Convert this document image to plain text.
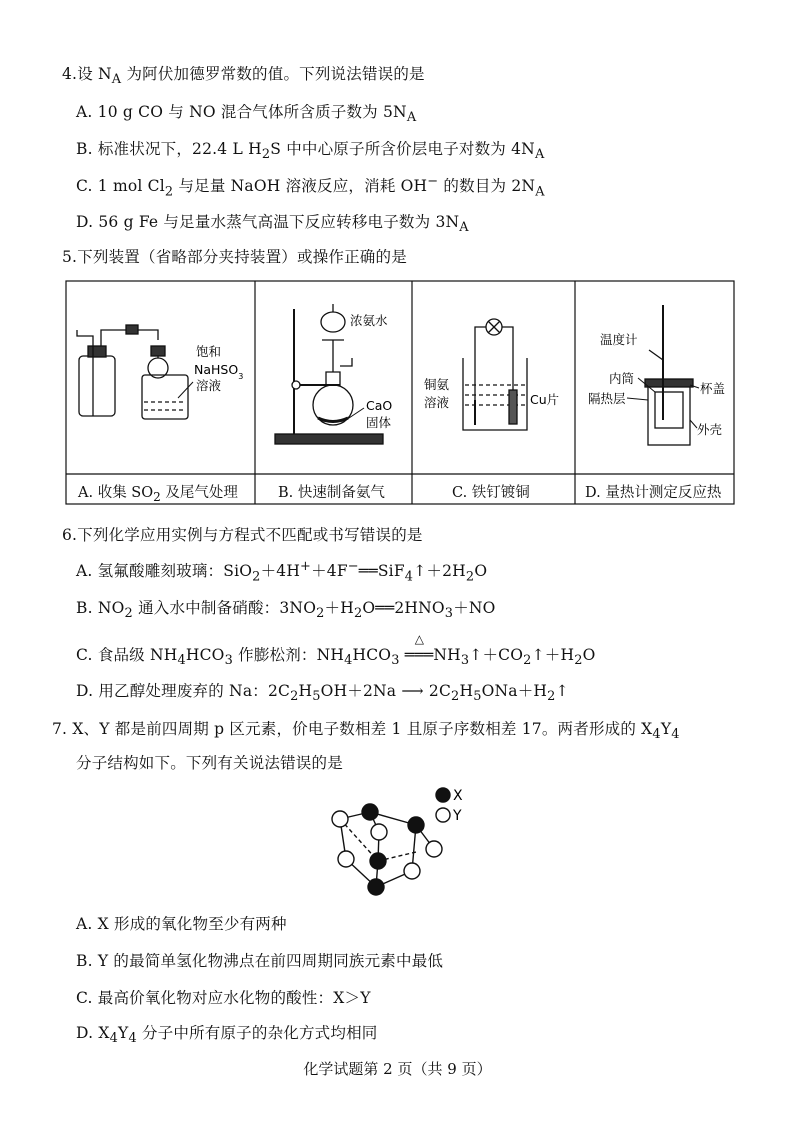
4.设 $N_A$ 为阿伏加德罗常数的值。下列说法错误的是
A. 10 g CO 与 NO 混合气体所含质子数为 $5N_A$
B. 标准状况下，22.4 L $H_2S$ 中中心原子所含价层电子对数为 $4N_A$
C. 1 mol $Cl_2$ 与足量 NaOH 溶液反应，消耗 OH− 的数目为 $2N_A$
D. 56 g Fe 与足量水蒸气高温下反应转移电子数为 $3N_A$
5.下列装置（省略部分夹持装置）或操作正确的是
饱和
NaHSO$_3$
溶液
浓氨水
CaO
固体
铜氨
溶液	Cu片
温度计
内筒
杯盖
隔热层
外壳
X
Y
A. 收集 $SO_2$ 及尾气处理	B. 快速制备氨气	C. 铁钉镀铜	D. 量热计测定反应热
6.下列化学应用实例与方程式不匹配或书写错误的是
A. 氢氟酸雕刻玻璃：$SiO_2+4H^++4F^-══SiF_4↑+2H_2O$
B. $NO_2$ 通入水中制备硝酸：$3NO_2+H_2O══2HNO_3+NO$
C. 食品级 $NH_4HCO_3$ 作膨松剂：$NH_4HCO_3$
△
$═══NH_3↑+CO_2↑+H_2O$
D. 用乙醇处理废弃的 Na：$2C_2H_5OH+2Na$ ⟶ $2C_2H_5ONa+H_2↑$
7. X、Y 都是前四周期 p 区元素，价电子数相差 1 且原子序数相差 17。两者形成的 $X_4Y_4$
分子结构如下。下列有关说法错误的是
A. X 形成的氧化物至少有两种
B. Y 的最简单氢化物沸点在前四周期同族元素中最低
C. 最高价氧化物对应水化物的酸性：X＞Y
D. $X_4Y_4$ 分子中所有原子的杂化方式均相同
化学试题第 2 页（共 9 页）
